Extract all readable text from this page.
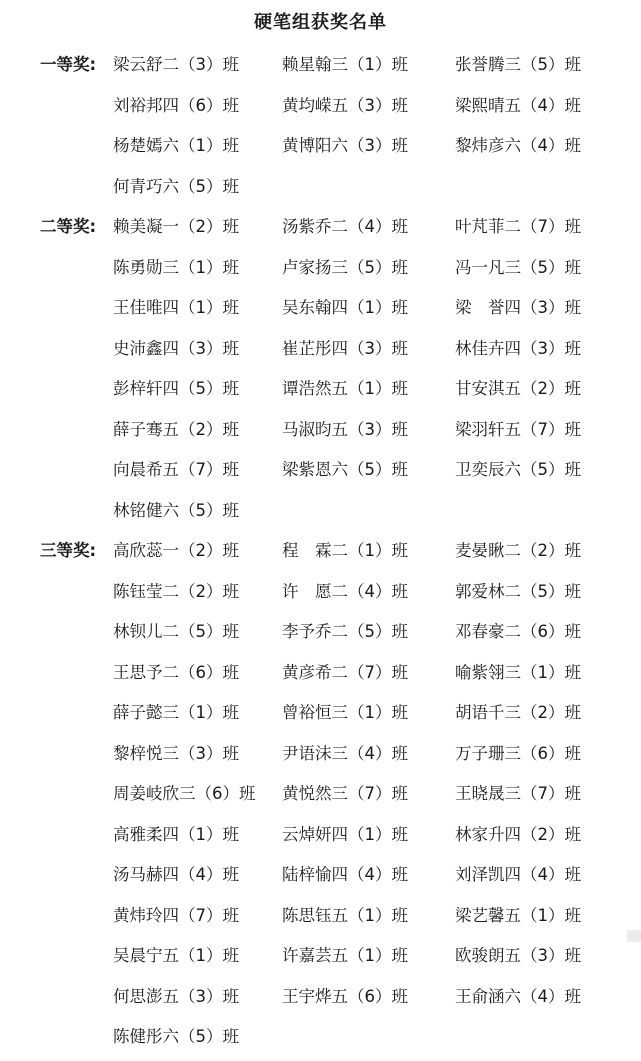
硬笔组获奖名单
一等奖: 梁云舒二（3）班	赖星翰三（1）班	张誉腾三（5）班
刘裕邦四（6）班	黄均嵘五（3）班	梁熙晴五（4）班
杨楚嫣六（1）班	黄博阳六（3）班	黎炜彦六（4）班
何青巧六（5）班
二等奖: 赖美凝一（2）班	汤紫乔二（4）班	叶芃菲二（7）班
陈勇勋三（1）班	卢家扬三（5）班	冯一凡三（5）班
王佳唯四（1）班	吴东翰四（1）班	梁　誉四（3）班
史沛鑫四（3）班	崔芷彤四（3）班	林佳卉四（3）班
彭梓轩四（5）班	谭浩然五（1）班	甘安淇五（2）班
薛子骞五（2）班	马淑昀五（3）班	梁羽轩五（7）班
向晨希五（7）班	梁紫恩六（5）班	卫奕辰六（5）班
林铭健六（5）班
三等奖: 高欣蕊一（2）班	程　霖二（1）班	麦晏瞅二（2）班
陈钰莹二（2）班	许　愿二（4）班	郭爱林二（5）班
林钡儿二（5）班	李予乔二（5）班	邓春豪二（6）班
王思予二（6）班	黄彦希二（7）班	喻紫翎三（1）班
薛子懿三（1）班	曾裕恒三（1）班	胡语千三（2）班
黎梓悦三（3）班	尹语沫三（4）班	万子珊三（6）班
周姜岐欣三（6）班 黄悦然三（7）班	王晓晟三（7）班
高雅柔四（1）班	云焯妍四（1）班	林家升四（2）班
汤马赫四（4）班	陆梓愉四（4）班	刘泽凯四（4）班
黄炜玲四（7）班	陈思钰五（1）班	梁艺馨五（1）班
吴晨宁五（1）班	许嘉芸五（1）班	欧骏朗五（3）班
何思澎五（3）班	王宇烨五（6）班	王俞涵六（4）班
陈健彤六（5）班
